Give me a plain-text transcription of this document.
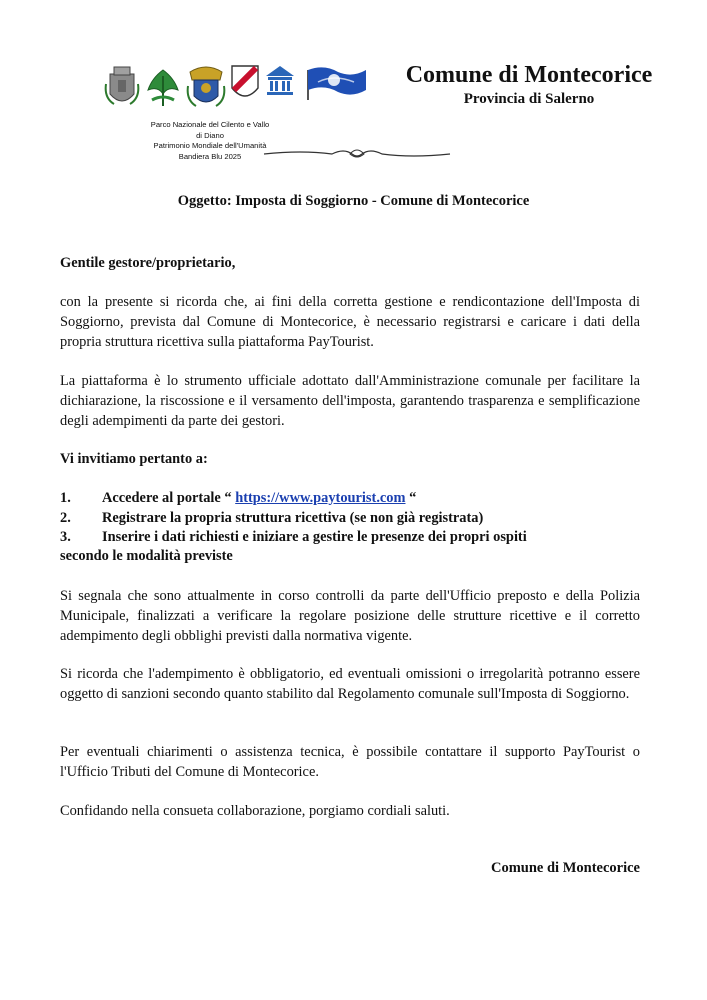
Comune di Montecorice
Provincia di Salerno
Parco Nazionale del Cilento e Vallo di Diano
Patrimonio Mondiale dell'Umanità
Bandiera Blu 2025
Oggetto: Imposta di Soggiorno - Comune di Montecorice
Gentile gestore/proprietario,

con la presente si ricorda che, ai fini della corretta gestione e rendicontazione dell'Imposta di Soggiorno, prevista dal Comune di Montecorice, è necessario registrarsi e caricare i dati della propria struttura ricettiva sulla piattaforma PayTourist.

La piattaforma è lo strumento ufficiale adottato dall'Amministrazione comunale per facilitare la dichiarazione, la riscossione e il versamento dell'imposta, garantendo trasparenza e semplificazione degli adempimenti da parte dei gestori.

Vi invitiamo pertanto a:
1. Accedere al portale “ https://www.paytourist.com “
2. Registrare la propria struttura ricettiva (se non già registrata)
3. Inserire i dati richiesti e iniziare a gestire le presenze dei propri ospiti
secondo le modalità previste

Si segnala che sono attualmente in corso controlli da parte dell'Ufficio preposto e della Polizia Municipale, finalizzati a verificare la regolare posizione delle strutture ricettive e il corretto adempimento degli obblighi previsti dalla normativa vigente.

Si ricorda che l'adempimento è obbligatorio, ed eventuali omissioni o irregolarità potranno essere oggetto di sanzioni secondo quanto stabilito dal Regolamento comunale sull'Imposta di Soggiorno.

Per eventuali chiarimenti o assistenza tecnica, è possibile contattare il supporto PayTourist o l'Ufficio Tributi del Comune di Montecorice.

Confidando nella consueta collaborazione, porgiamo cordiali saluti.

Comune di Montecorice
